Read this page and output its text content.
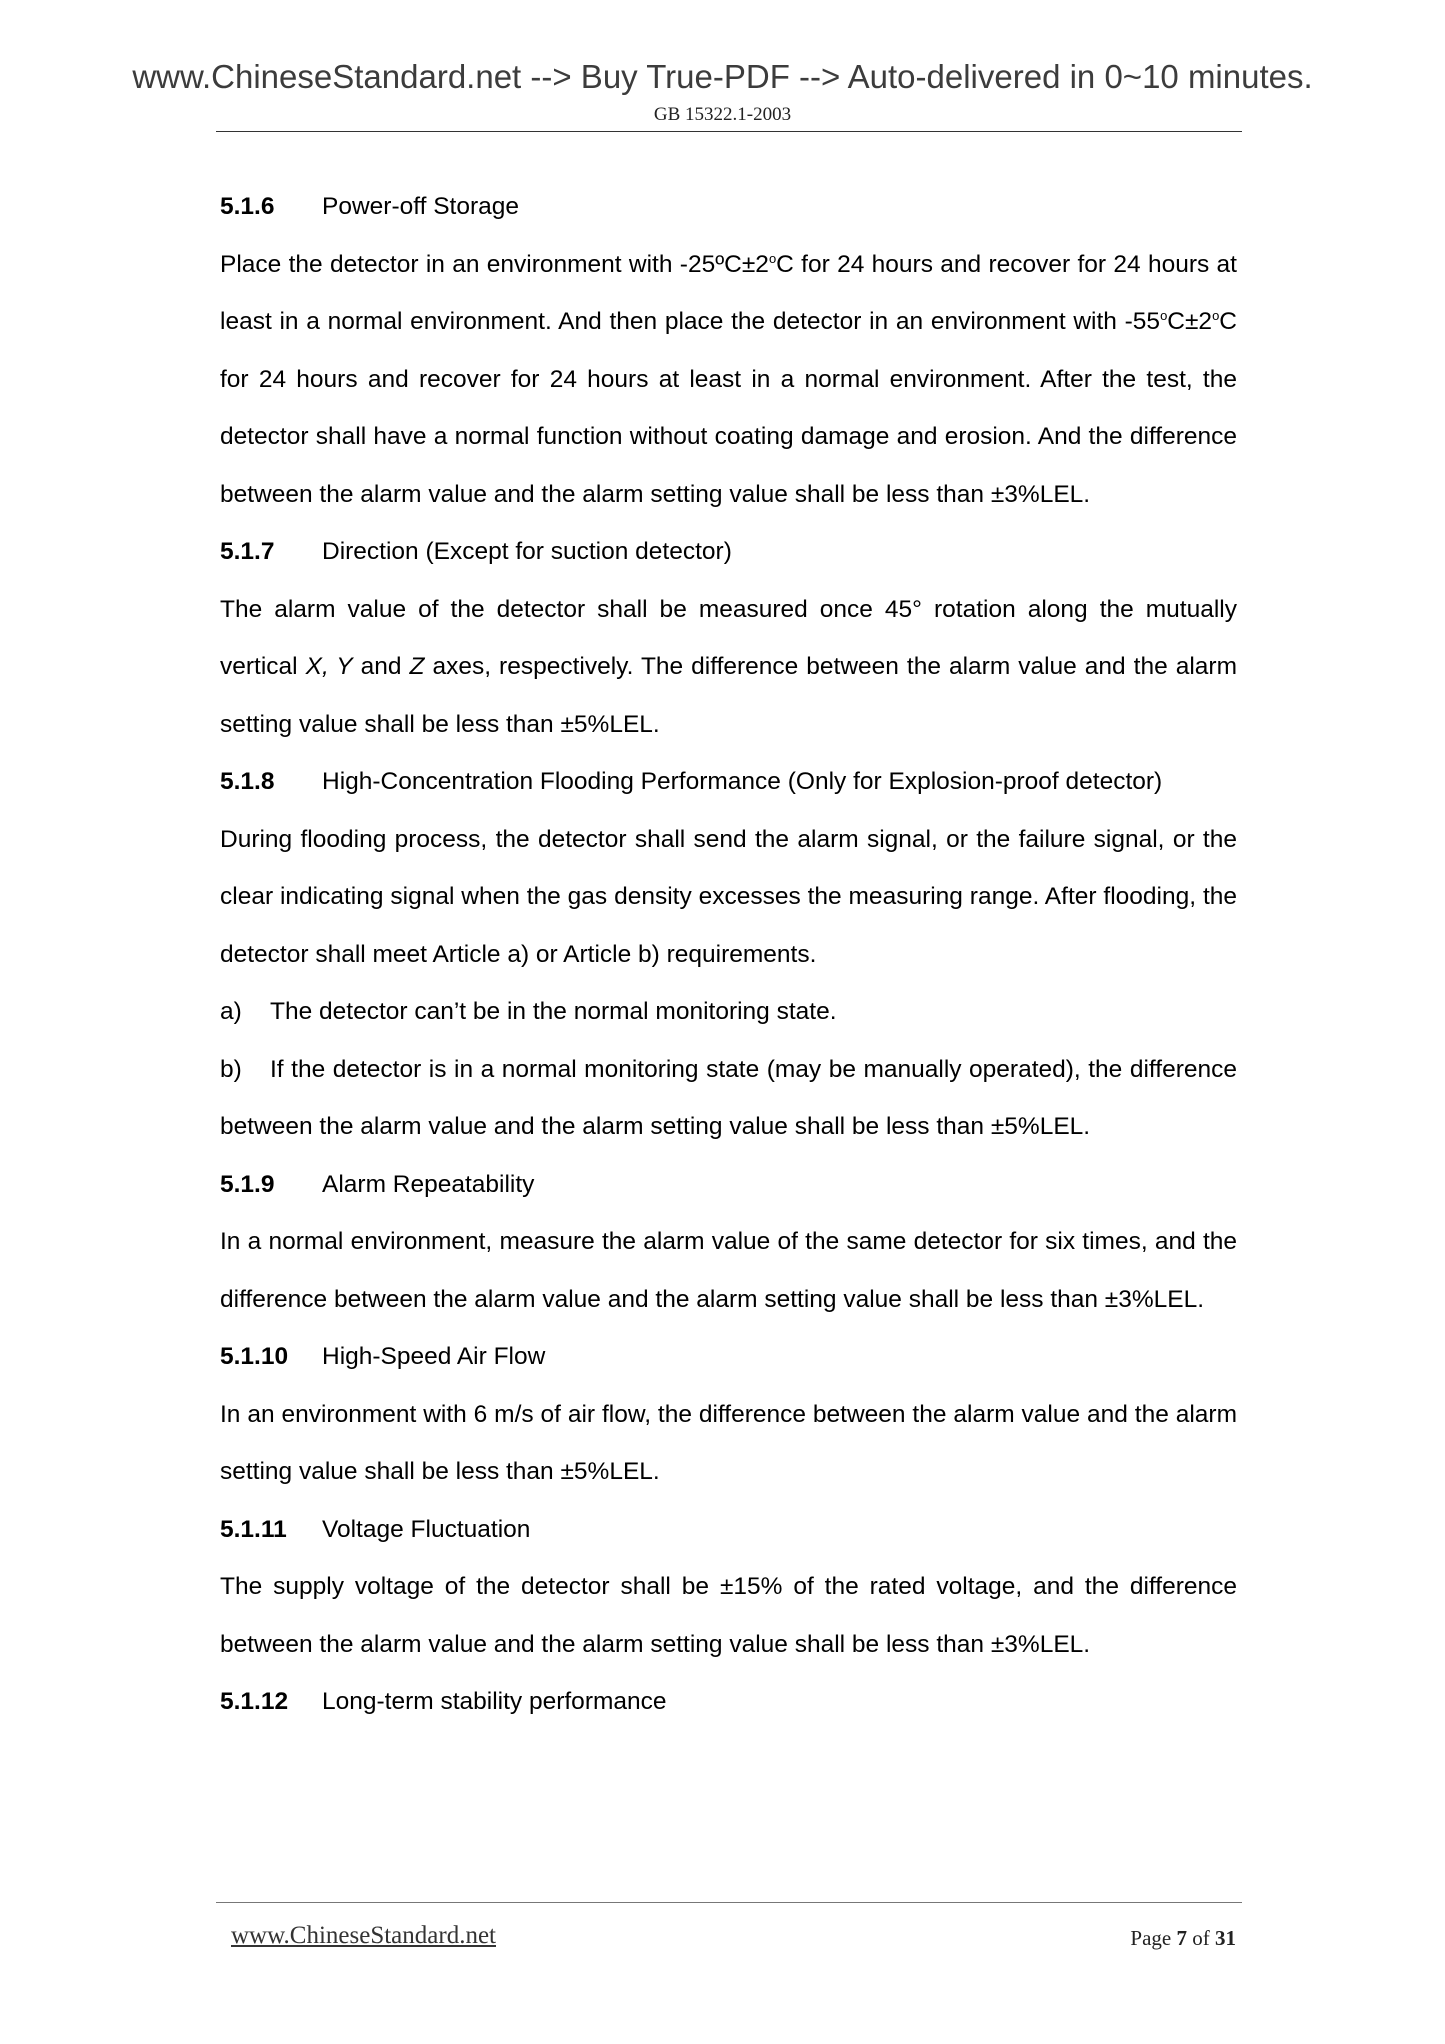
www.ChineseStandard.net --> Buy True-PDF --> Auto-delivered in 0~10 minutes.
GB 15322.1-2003
5.1.6	Power-off Storage

Place the detector in an environment with $-25ºC\pm 2^oC$ for 24 hours and recover for 24 hours at least in a normal environment. And then place the detector in an environment with $-55^oC\pm 2^oC$ for 24 hours and recover for 24 hours at least in a normal environment. After the test, the detector shall have a normal function without coating damage and erosion. And the difference between the alarm value and the alarm setting value shall be less than ±3%LEL.

5.1.7	Direction (Except for suction detector)

The alarm value of the detector shall be measured once 45° rotation along the mutually vertical X, Y and Z axes, respectively. The difference between the alarm value and the alarm setting value shall be less than ±5%LEL.

5.1.8	High-Concentration Flooding Performance (Only for Explosion-proof detector)

During flooding process, the detector shall send the alarm signal, or the failure signal, or the clear indicating signal when the gas density excesses the measuring range. After flooding, the detector shall meet Article a) or Article b) requirements.

a)	The detector can’t be in the normal monitoring state.

b) If the detector is in a normal monitoring state (may be manually operated), the difference between the alarm value and the alarm setting value shall be less than ±5%LEL.

5.1.9	Alarm Repeatability

In a normal environment, measure the alarm value of the same detector for six times, and the difference between the alarm value and the alarm setting value shall be less than ±3%LEL.

5.1.10	High-Speed Air Flow

In an environment with 6 m/s of air flow, the difference between the alarm value and the alarm setting value shall be less than ±5%LEL.

5.1.11	Voltage Fluctuation

The supply voltage of the detector shall be ±15% of the rated voltage, and the difference between the alarm value and the alarm setting value shall be less than ±3%LEL.

5.1.12	Long-term stability performance
www.ChineseStandard.net	Page 7 of 31
